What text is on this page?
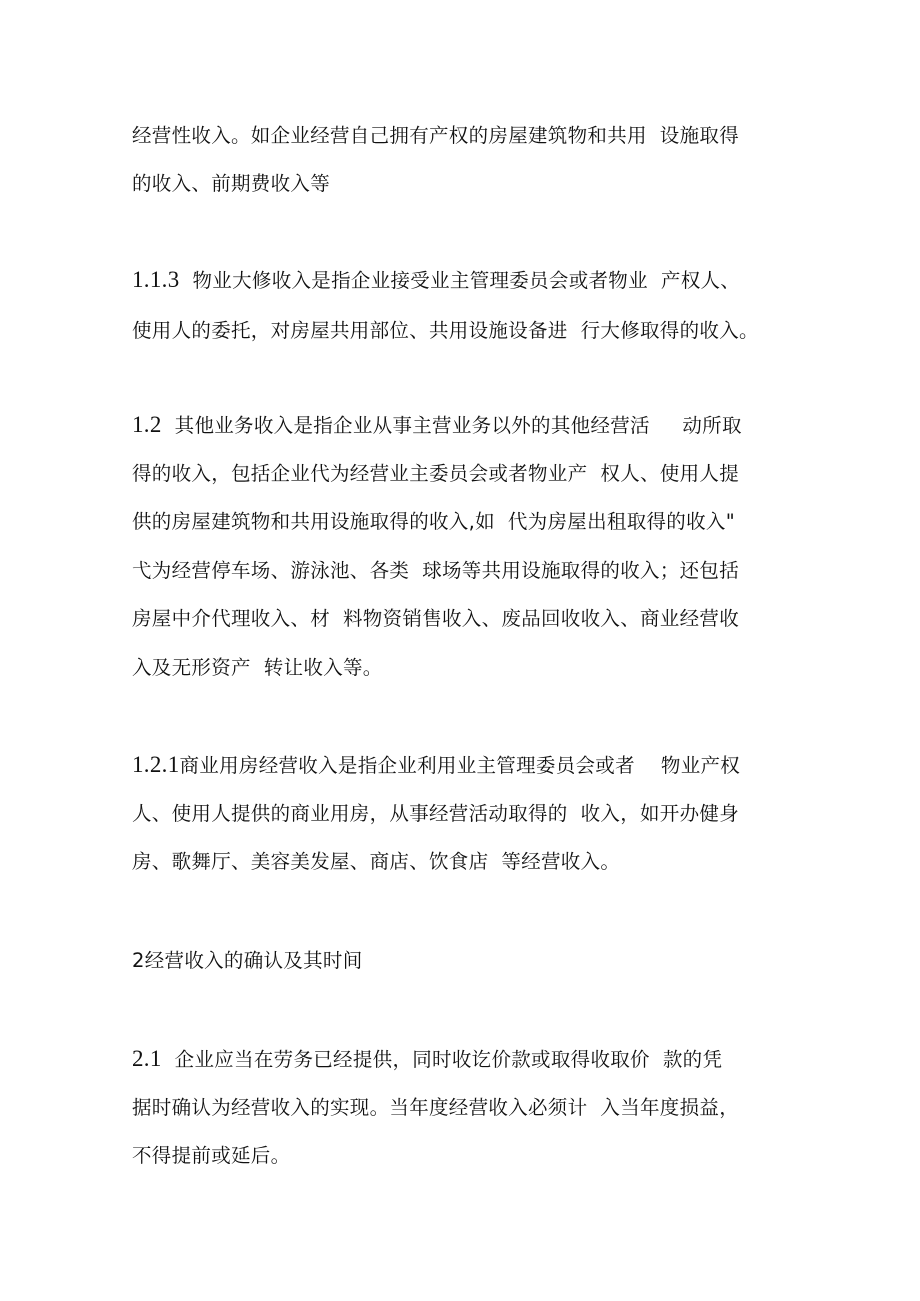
经营性收入。如企业经营自己拥有产权的房屋建筑物和共用  设施取得
的收入、前期费收入等
1.1.3  物业大修收入是指企业接受业主管理委员会或者物业  产权人、
使用人的委托，对房屋共用部位、共用设施设备进  行大修取得的收入。
1.2  其他业务收入是指企业从事主营业务以外的其他经营活     动所取
得的收入，包括企业代为经营业主委员会或者物业产  权人、使用人提
供的房屋建筑物和共用设施取得的收入,如  代为房屋出租取得的收入"
弋为经营停车场、游泳池、各类  球场等共用设施取得的收入；还包括
房屋中介代理收入、材  料物资销售收入、废品回收收入、商业经营收
入及无形资产  转让收入等。
1.2.1商业用房经营收入是指企业利用业主管理委员会或者    物业产权
人、使用人提供的商业用房，从事经营活动取得的  收入，如开办健身
房、歌舞厅、美容美发屋、商店、饮食店  等经营收入。
2经营收入的确认及其时间
2.1  企业应当在劳务已经提供，同时收讫价款或取得收取价  款的凭
据时确认为经营收入的实现。当年度经营收入必须计  入当年度损益，
不得提前或延后。
